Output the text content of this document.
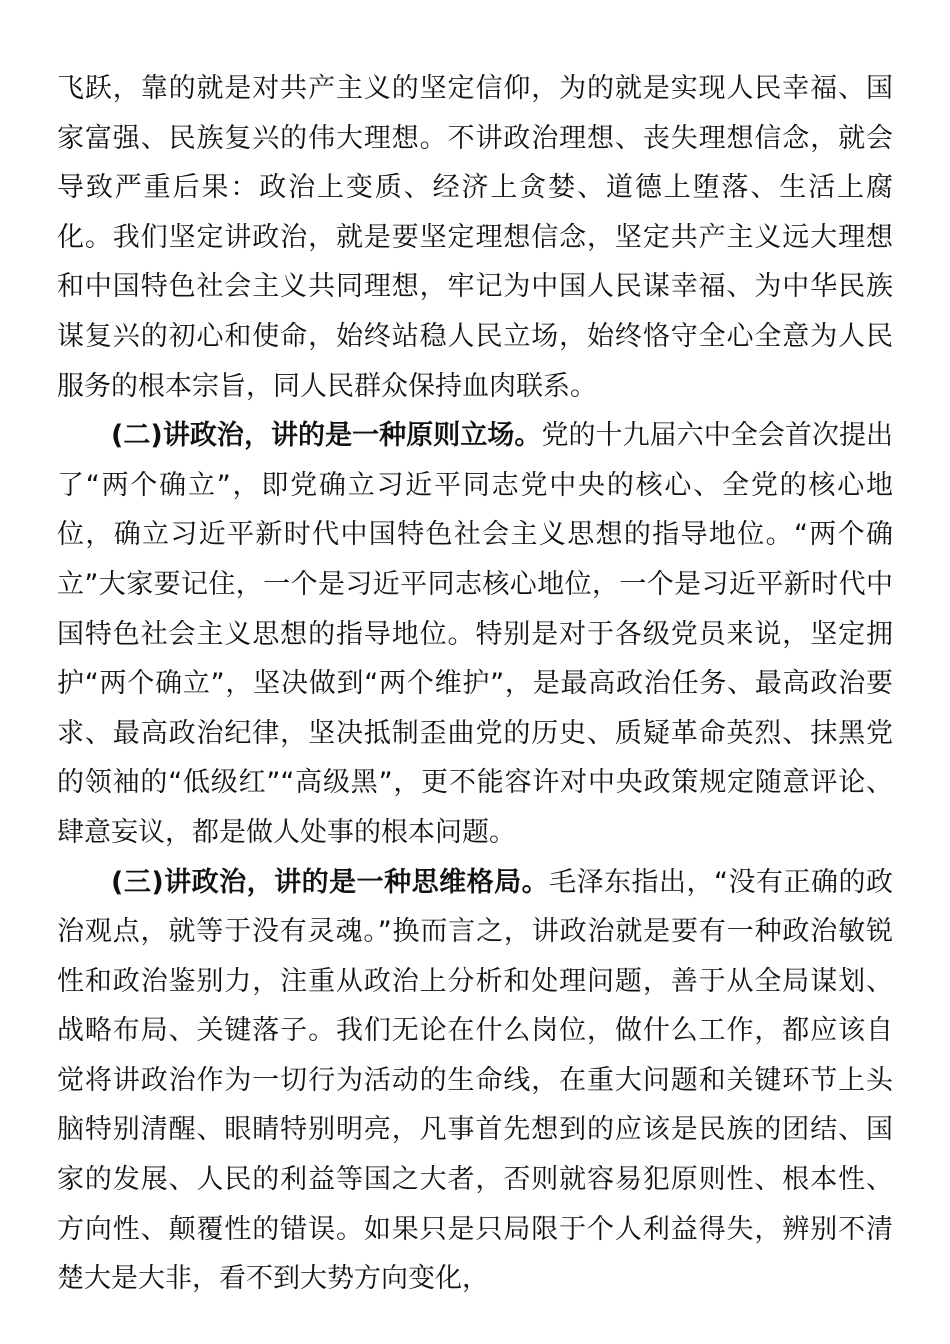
飞跃，靠的就是对共产主义的坚定信仰，为的就是实现人民幸福、国家富强、民族复兴的伟大理想。不讲政治理想、丧失理想信念，就会导致严重后果：政治上变质、经济上贪婪、道德上堕落、生活上腐化。我们坚定讲政治，就是要坚定理想信念，坚定共产主义远大理想和中国特色社会主义共同理想，牢记为中国人民谋幸福、为中华民族谋复兴的初心和使命，始终站稳人民立场，始终恪守全心全意为人民服务的根本宗旨，同人民群众保持血肉联系。

(二)讲政治，讲的是一种原则立场。党的十九届六中全会首次提出了“两个确立”，即党确立习近平同志党中央的核心、全党的核心地位，确立习近平新时代中国特色社会主义思想的指导地位。“两个确立”大家要记住，一个是习近平同志核心地位，一个是习近平新时代中国特色社会主义思想的指导地位。特别是对于各级党员来说，坚定拥护“两个确立”，坚决做到“两个维护”，是最高政治任务、最高政治要求、最高政治纪律，坚决抵制歪曲党的历史、质疑革命英烈、抹黑党的领袖的“低级红”“高级黑”，更不能容许对中央政策规定随意评论、肆意妄议，都是做人处事的根本问题。

(三)讲政治，讲的是一种思维格局。毛泽东指出，“没有正确的政治观点，就等于没有灵魂。”换而言之，讲政治就是要有一种政治敏锐性和政治鉴别力，注重从政治上分析和处理问题，善于从全局谋划、战略布局、关键落子。我们无论在什么岗位，做什么工作，都应该自觉将讲政治作为一切行为活动的生命线，在重大问题和关键环节上头脑特别清醒、眼睛特别明亮，凡事首先想到的应该是民族的团结、国家的发展、人民的利益等国之大者，否则就容易犯原则性、根本性、方向性、颠覆性的错误。如果只是只局限于个人利益得失，辨别不清楚大是大非，看不到大势方向变化，
